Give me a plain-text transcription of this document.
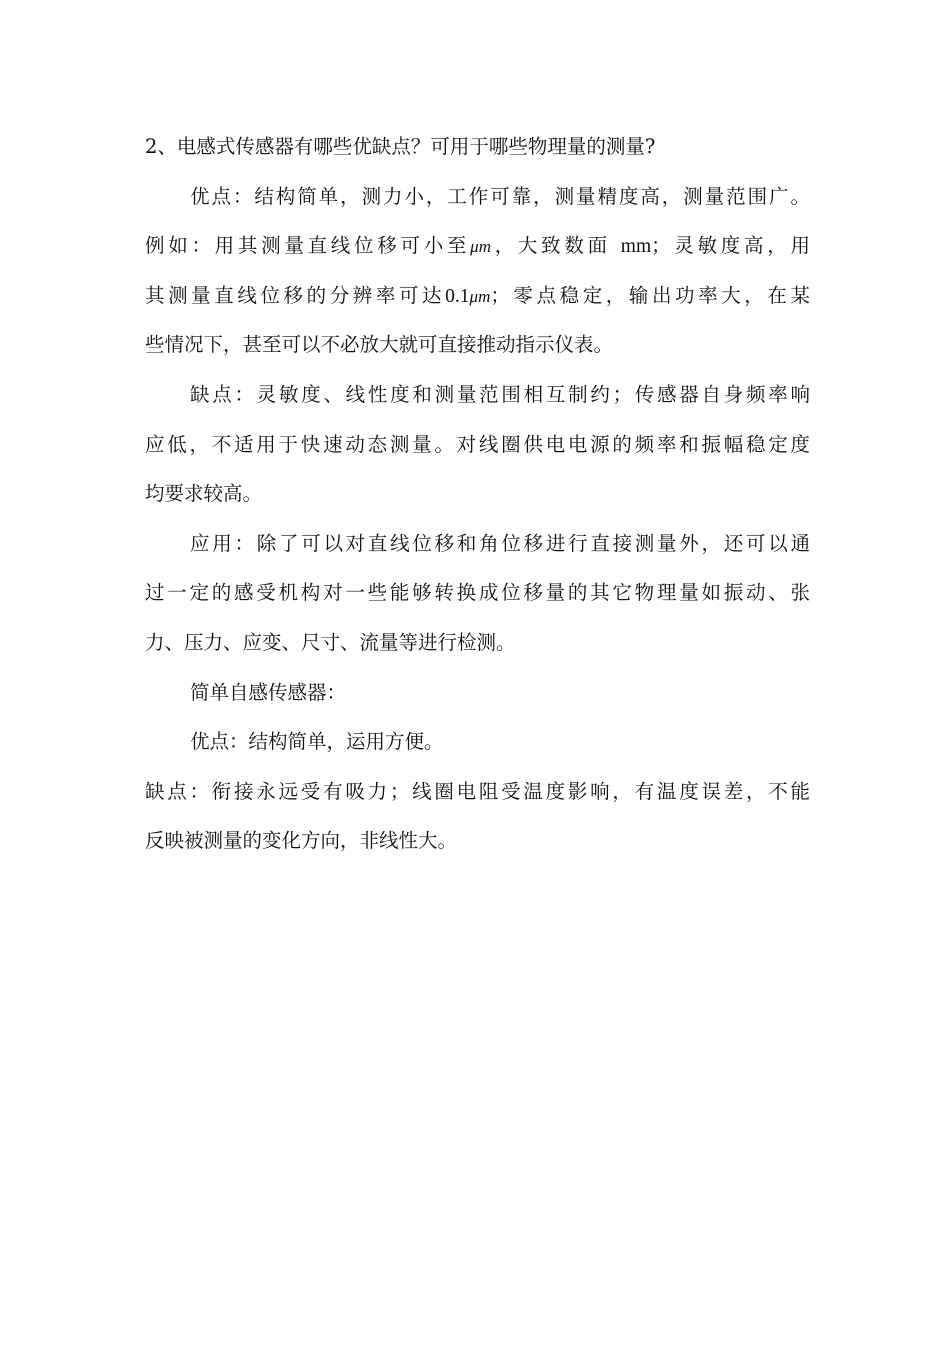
2、电感式传感器有哪些优缺点？可用于哪些物理量的测量?
优点：结构简单，测力小，工作可靠，测量精度高，测量范围广。
例如：用其测量直线位移可小至μm，大致数面 mm；灵敏度高，用
其测量直线位移的分辨率可达0.1μm；零点稳定，输出功率大，在某
些情况下，甚至可以不必放大就可直接推动指示仪表。
缺点：灵敏度、线性度和测量范围相互制约；传感器自身频率响
应低，不适用于快速动态测量。对线圈供电电源的频率和振幅稳定度
均要求较高。
应用：除了可以对直线位移和角位移进行直接测量外，还可以通
过一定的感受机构对一些能够转换成位移量的其它物理量如振动、张
力、压力、应变、尺寸、流量等进行检测。
简单自感传感器：
优点：结构简单，运用方便。
缺点：衔接永远受有吸力；线圈电阻受温度影响，有温度误差，不能
反映被测量的变化方向，非线性大。
